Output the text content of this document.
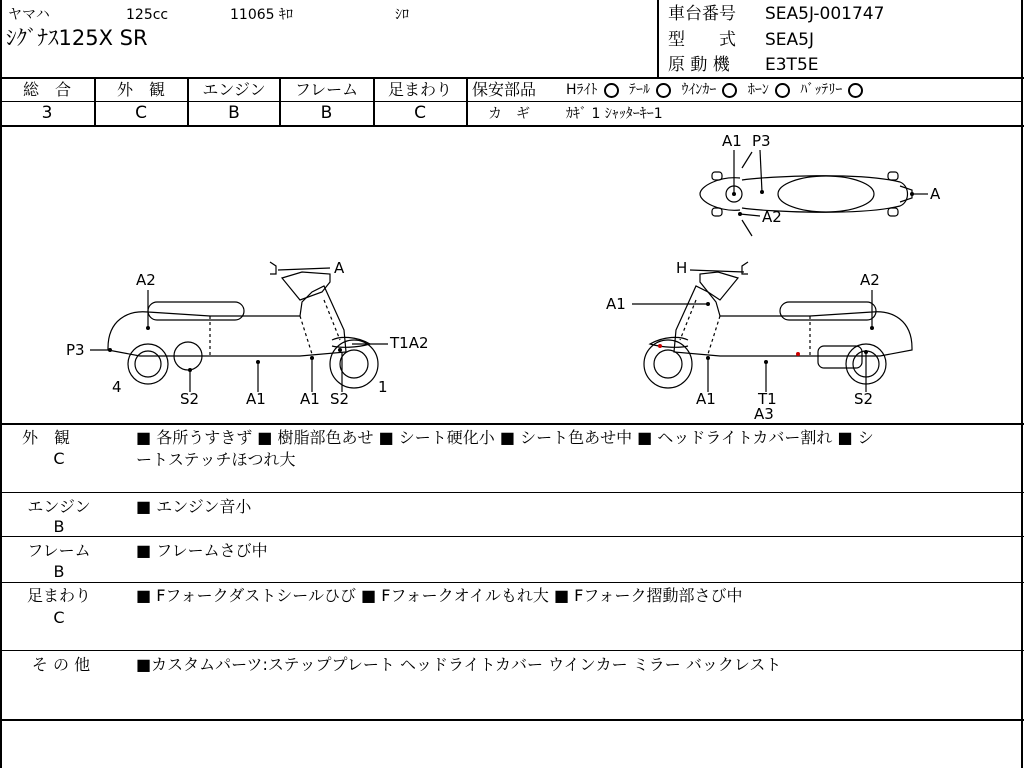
ヤマハ	125cc	11065 ｷﾛ	ｼﾛ
ｼｸﾞﾅｽ125X SR
車台番号 SEA5J-001747
型　　式 SEA5J
原 動 機 E3T5E
総　合
3
外　観
C
エンジン
B
フレーム
B
足まわり
C
保安部品 Hﾗｲﾄ ﾃｰﾙ ｳｲﾝｶｰ ﾎｰﾝ ﾊﾞｯﾃﾘｰ
カ　ギ	ｶｷﾞ 1 ｼｬｯﾀｰｷｰ1
A1 P3
A
A2
A
A2
P3	T1A2
4	1
S2	A1 A1 S2
H
A2
A1
A1	T1
A3
S2
外　観
C
■ 各所うすきず ■ 樹脂部色あせ ■ シート硬化小 ■ シート色あせ中 ■ ヘッドライトカバー割れ ■ シ
ートステッチほつれ大
エンジン
B
■ エンジン音小
フレーム
B
■ フレームさび中
足まわり
C
■ Fフォークダストシールひび ■ Fフォークオイルもれ大 ■ Fフォーク摺動部さび中
そ の 他	■カスタムパーツ:ステッププレート ヘッドライトカバー ウインカー ミラー バックレスト
